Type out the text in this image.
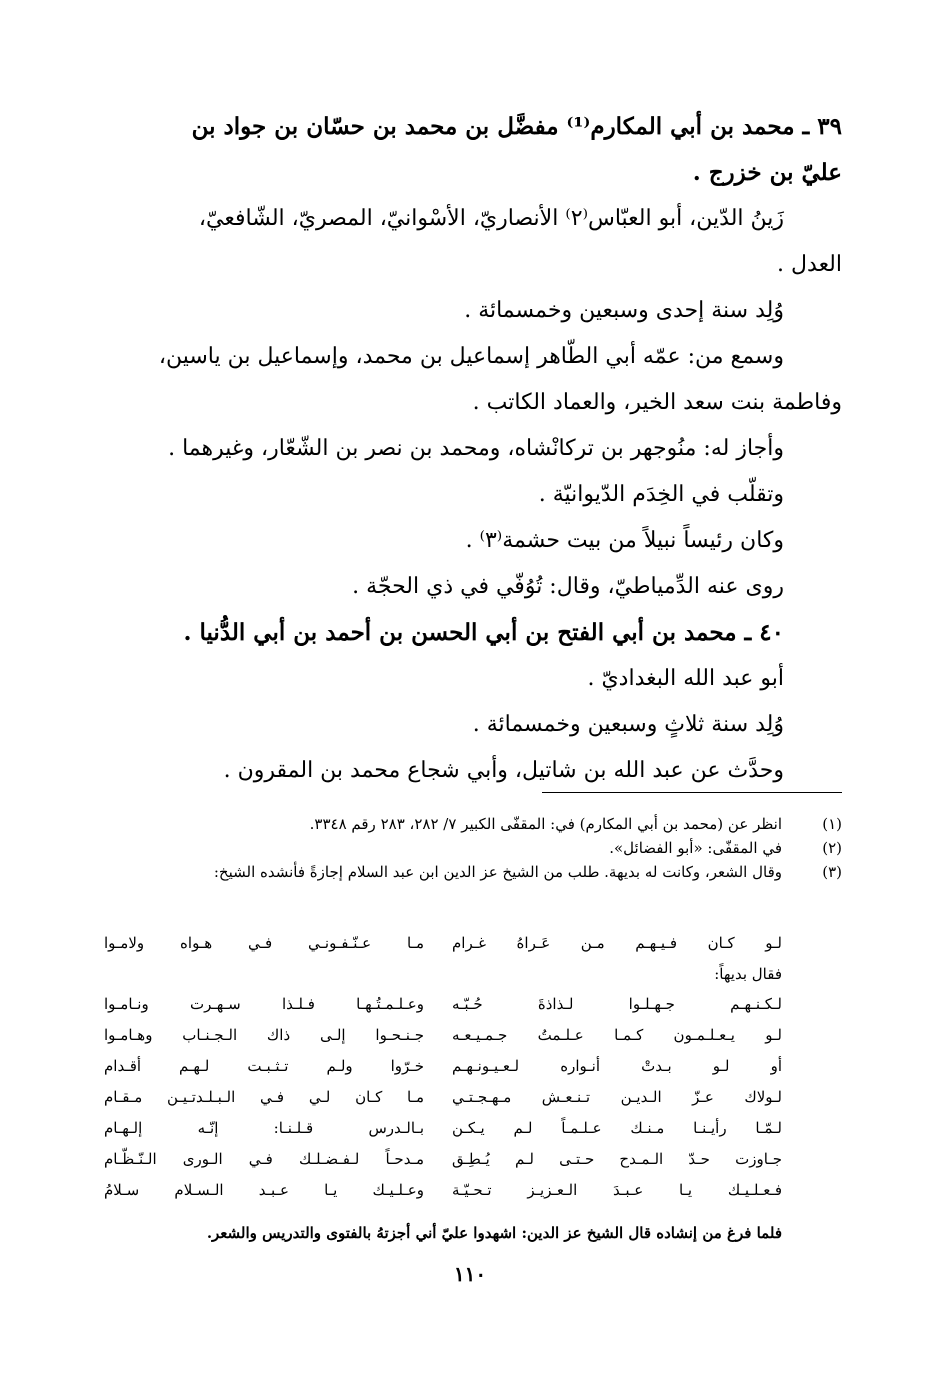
٣٩ ـ محمد بن أبي المكارم⁽¹⁾ مفضَّل بن محمد بن حسّان بن جواد بن
عليّ بن خزرج .
زَينُ الدّين، أبو العبّاس⁽٢⁾ الأنصاريّ، الأسْوانيّ، المصريّ، الشّافعيّ،
العدل .
وُلِد سنة إحدى وسبعين وخمسمائة .
وسمع من: عمّه أبي الطّاهر إسماعيل بن محمد، وإسماعيل بن ياسين،
وفاطمة بنت سعد الخير، والعماد الكاتب .
وأجاز له: منُوجهر بن تركانْشاه، ومحمد بن نصر بن الشّعّار، وغيرهما .
وتقلّب في الخِدَم الدّيوانيّة .
وكان رئيساً نبيلاً من بيت حشمة⁽٣⁾ .
روى عنه الدِّمياطيّ، وقال: تُوُفّي في ذي الحجّة .
٤٠ ـ محمد بن أبي الفتح بن أبي الحسن بن أحمد بن أبي الدُّنيا .
أبو عبد الله البغداديّ .
وُلِد سنة ثلاثٍ وسبعين وخمسمائة .
وحدَّث عن عبد الله بن شاتيل، وأبي شجاع محمد بن المقرون .
(١)
انظر عن (محمد بن أبي المكارم) في: المقفّى الكبير ٧/ ٢٨٢، ٢٨٣ رقم ٣٣٤٨.
(٢)
في المقفّى: «أبو الفضائل».
(٣)
وقال الشعر، وكانت له بديهة. طلب من الشيخ عز الدين ابن عبد السلام إجازةً فأنشده الشيخ:
لـو كـان فـيـهـم مـن عَـراهُ غـرام
مـا عـنّـفـونـي فـي هـواه ولامـوا
فقال بديهاً:
لـكـنـهـم جـهـلـوا لـذاذةَ حُـبّـه
وعـلـمـتُـهـا فـلـذا سـهـرت ونـامـوا
لـو يـعـلـمـون كـمـا عـلـمتُ جـمـيـعـه
جـنـحـوا إلـى ذاك الـجـنـاب وهـامـوا
أو لـو بـدتْ أنـواره لـعـيـونـهـم
خـرّوا ولـم تـثـبـت لـهـم أقـدام
لـولاك عـزّ الـديـن تـنـعـش مـهـجـتـي
مـا كـان لـي فـي الـبـلـدتـيـن مـقـام
لـمّـا رأيـنـا مـنـك عـلـمـاً لـم يـكـن
بـالـدرس قـلـنـا: إنّـه إلـهـام
جـاوزت حـدّ الـمـدح حـتـى لـم يُـطِـق
مـدحـاً لـفـضـلـك فـي الـورى الـنّـظّـام
فـعـلـيـك يـا عـبـدَ الـعـزيـز تـحـيّـة
وعـلـيـك يـا عـبـد الـسـلام سـلامُ
فلما فرغ من إنشاده قال الشيخ عز الدين: اشهدوا عليّ أني أجزتهُ بالفتوى والتدريس والشعر.
١١٠
